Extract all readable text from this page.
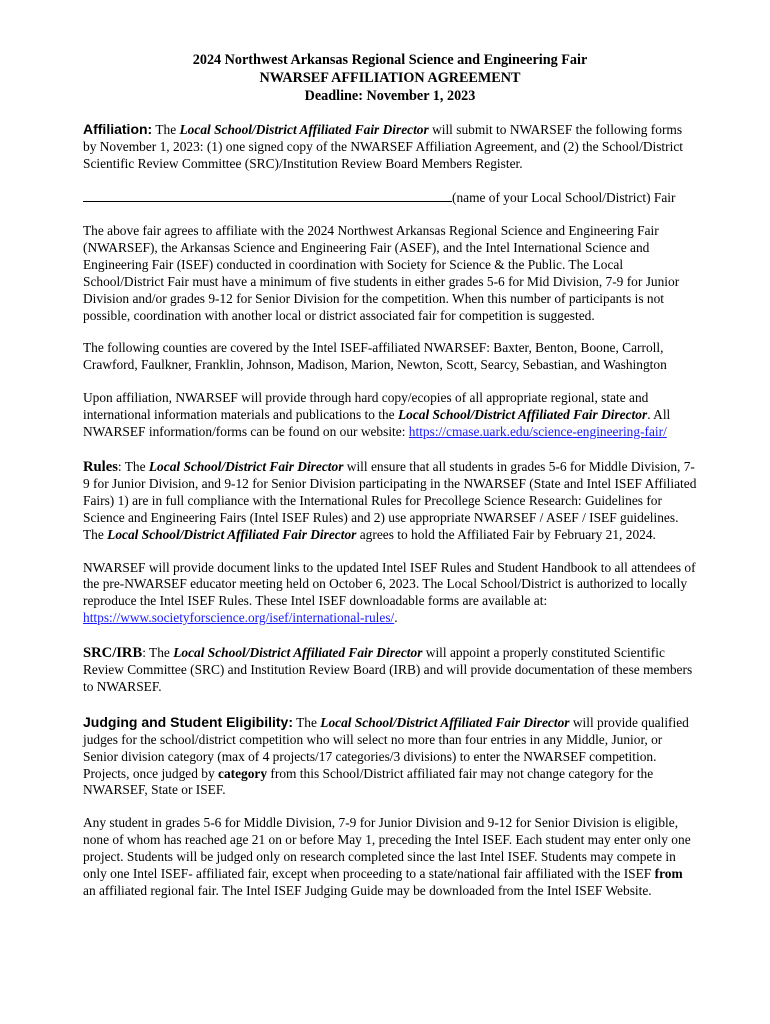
2024 Northwest Arkansas Regional Science and Engineering Fair
NWARSEF AFFILIATION AGREEMENT
Deadline: November 1, 2023

Affiliation: The Local School/District Affiliated Fair Director will submit to NWARSEF the following forms by November 1, 2023: (1) one signed copy of the NWARSEF Affiliation Agreement, and (2) the School/District Scientific Review Committee (SRC)/Institution Review Board Members Register.

(name of your Local School/District) Fair

The above fair agrees to affiliate with the 2024 Northwest Arkansas Regional Science and Engineering Fair (NWARSEF), the Arkansas Science and Engineering Fair (ASEF), and the Intel International Science and Engineering Fair (ISEF) conducted in coordination with Society for Science & the Public. The Local School/District Fair must have a minimum of five students in either grades 5-6 for Mid Division, 7-9 for Junior Division and/or grades 9-12 for Senior Division for the competition. When this number of participants is not possible, coordination with another local or district associated fair for competition is suggested.

The following counties are covered by the Intel ISEF-affiliated NWARSEF: Baxter, Benton, Boone, Carroll, Crawford, Faulkner, Franklin, Johnson, Madison, Marion, Newton, Scott, Searcy, Sebastian, and Washington

Upon affiliation, NWARSEF will provide through hard copy/ecopies of all appropriate regional, state and international information materials and publications to the Local School/District Affiliated Fair Director. All NWARSEF information/forms can be found on our website: https://cmase.uark.edu/science-engineering-fair/

Rules: The Local School/District Fair Director will ensure that all students in grades 5-6 for Middle Division, 7-9 for Junior Division, and 9-12 for Senior Division participating in the NWARSEF (State and Intel ISEF Affiliated Fairs) 1) are in full compliance with the International Rules for Precollege Science Research: Guidelines for Science and Engineering Fairs (Intel ISEF Rules) and 2) use appropriate NWARSEF / ASEF / ISEF guidelines. The Local School/District Affiliated Fair Director agrees to hold the Affiliated Fair by February 21, 2024.

NWARSEF will provide document links to the updated Intel ISEF Rules and Student Handbook to all attendees of the pre-NWARSEF educator meeting held on October 6, 2023. The Local School/District is authorized to locally reproduce the Intel ISEF Rules. These Intel ISEF downloadable forms are available at: https://www.societyforscience.org/isef/international-rules/.

SRC/IRB: The Local School/District Affiliated Fair Director will appoint a properly constituted Scientific Review Committee (SRC) and Institution Review Board (IRB) and will provide documentation of these members to NWARSEF.

Judging and Student Eligibility: The Local School/District Affiliated Fair Director will provide qualified judges for the school/district competition who will select no more than four entries in any Middle, Junior, or Senior division category (max of 4 projects/17 categories/3 divisions) to enter the NWARSEF competition. Projects, once judged by category from this School/District affiliated fair may not change category for the NWARSEF, State or ISEF.

Any student in grades 5-6 for Middle Division, 7-9 for Junior Division and 9-12 for Senior Division is eligible, none of whom has reached age 21 on or before May 1, preceding the Intel ISEF. Each student may enter only one project. Students will be judged only on research completed since the last Intel ISEF. Students may compete in only one Intel ISEF- affiliated fair, except when proceeding to a state/national fair affiliated with the ISEF from an affiliated regional fair. The Intel ISEF Judging Guide may be downloaded from the Intel ISEF Website.
